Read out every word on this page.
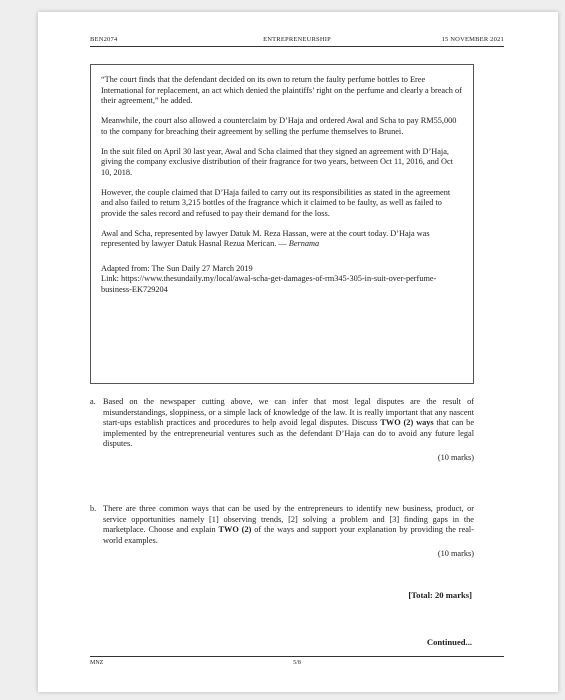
BEN2074	ENTREPRENEURSHIP	15 NOVEMBER 2021

“The court finds that the defendant decided on its own to return the faulty perfume bottles to Eree International for replacement, an act which denied the plaintiffs’ right on the perfume and clearly a breach of their agreement,” he added.

Meanwhile, the court also allowed a counterclaim by D’Haja and ordered Awal and Scha to pay RM55,000 to the company for breaching their agreement by selling the perfume themselves to Brunei.

In the suit filed on April 30 last year, Awal and Scha claimed that they signed an agreement with D’Haja, giving the company exclusive distribution of their fragrance for two years, between Oct 11, 2016, and Oct 10, 2018.

However, the couple claimed that D’Haja failed to carry out its responsibilities as stated in the agreement and also failed to return 3,215 bottles of the fragrance which it claimed to be faulty, as well as failed to provide the sales record and refused to pay their demand for the loss.

Awal and Scha, represented by lawyer Datuk M. Reza Hassan, were at the court today. D’Haja was represented by lawyer Datuk Hasnal Rezua Merican. — Bernama

Adapted from: The Sun Daily 27 March 2019
Link: https://www.thesundaily.my/local/awal-scha-get-damages-of-rm345-305-in-suit-over-perfume-business-EK729204
a. Based on the newspaper cutting above, we can infer that most legal disputes are the result of misunderstandings, sloppiness, or a simple lack of knowledge of the law. It is really important that any nascent start-ups establish practices and procedures to help avoid legal disputes. Discuss TWO (2) ways that can be implemented by the entrepreneurial ventures such as the defendant D’Haja can do to avoid any future legal disputes.
(10 marks)
b. There are three common ways that can be used by the entrepreneurs to identify new business, product, or service opportunities namely [1] observing trends, [2] solving a problem and [3] finding gaps in the marketplace. Choose and explain TWO (2) of the ways and support your explanation by providing the real-world examples.
(10 marks)
[Total: 20 marks]
Continued...
MNZ	5/8
